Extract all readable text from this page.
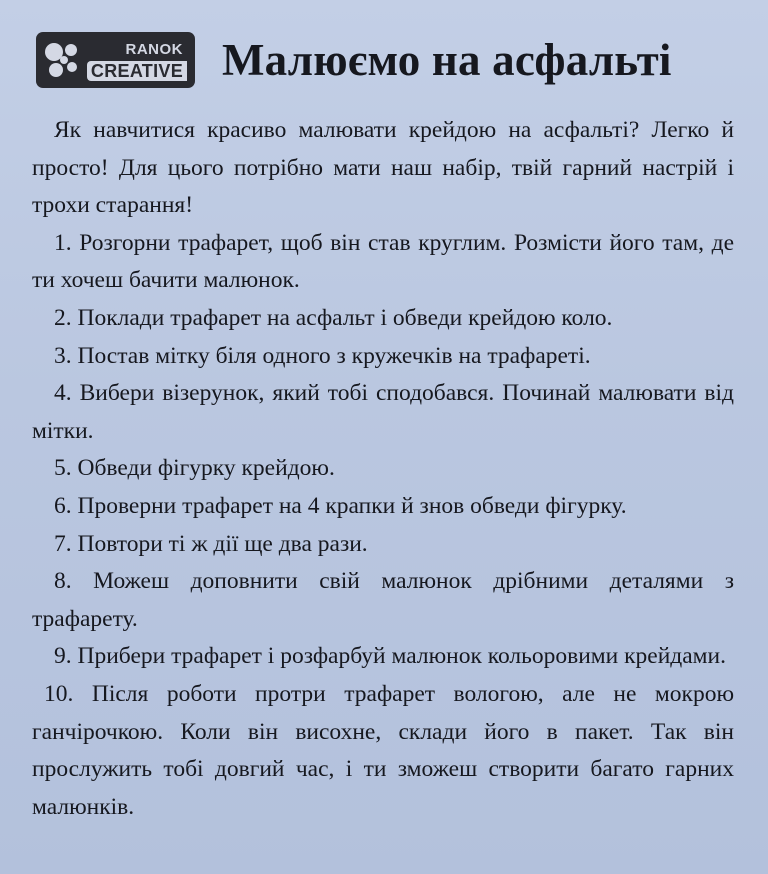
RANOK
CREATIVE Малюємо на асфальті

Як навчитися красиво малювати крейдою на асфальті? Легко й просто! Для цього потрібно мати наш набір, твій гарний настрій і трохи старання!

1. Розгорни трафарет, щоб він став круглим. Розмісти його там, де ти хочеш бачити малюнок.

2. Поклади трафарет на асфальт і обведи крейдою коло.

3. Постав мітку біля одного з кружечків на трафареті.

4. Вибери візерунок, який тобі сподобався. Починай малювати від мітки.

5. Обведи фігурку крейдою.

6. Проверни трафарет на 4 крапки й знов обведи фігурку.

7. Повтори ті ж дії ще два рази.

8. Можеш доповнити свій малюнок дрібними деталями з трафарету.

9. Прибери трафарет і розфарбуй малюнок кольоровими крейдами.

10. Після роботи протри трафарет вологою, але не мокрою ганчірочкою. Коли він висохне, склади його в пакет. Так він прослужить тобі довгий час, і ти зможеш створити багато гарних малюнків.
